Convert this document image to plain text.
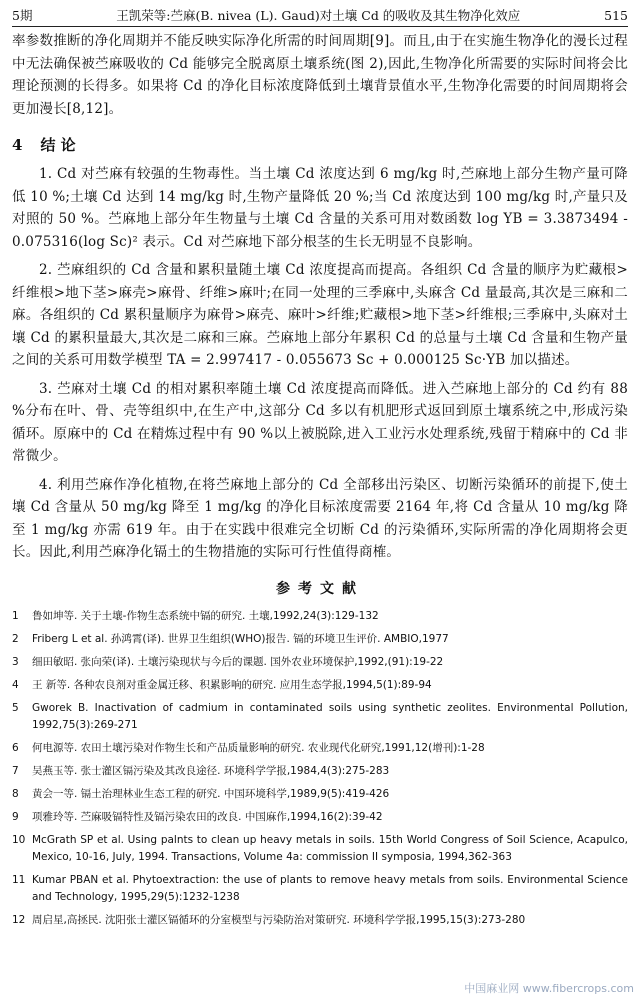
5期	王凯荣等:苎麻(B. nivea (L). Gaud)对土壤 Cd 的吸收及其生物净化效应	515

率参数推断的净化周期并不能反映实际净化所需的时间周期[9]。而且,由于在实施生物净化的漫长过程中无法确保被苎麻吸收的 Cd 能够完全脱离原土壤系统(图 2),因此,生物净化所需要的实际时间将会比理论预测的长得多。如果将 Cd 的净化目标浓度降低到土壤背景值水平,生物净化需要的时间周期将会更加漫长[8,12]。

4 结 论

1. Cd 对苎麻有较强的生物毒性。当土壤 Cd 浓度达到 6 mg/kg 时,苎麻地上部分生物产量可降低 10 %;土壤 Cd 达到 14 mg/kg 时,生物产量降低 20 %;当 Cd 浓度达到 100 mg/kg 时,产量只及对照的 50 %。苎麻地上部分年生物量与土壤 Cd 含量的关系可用对数函数 log YB = 3.3873494 - 0.075316(log Sc)² 表示。Cd 对苎麻地下部分根茎的生长无明显不良影响。

2. 苎麻组织的 Cd 含量和累积量随土壤 Cd 浓度提高而提高。各组织 Cd 含量的顺序为贮藏根>纤维根>地下茎>麻壳>麻骨、纤维>麻叶;在同一处理的三季麻中,头麻含 Cd 量最高,其次是三麻和二麻。各组织的 Cd 累积量顺序为麻骨>麻壳、麻叶>纤维;贮藏根>地下茎>纤维根;三季麻中,头麻对土壤 Cd 的累积量最大,其次是二麻和三麻。苎麻地上部分年累积 Cd 的总量与土壤 Cd 含量和生物产量之间的关系可用数学模型 TA = 2.997417 - 0.055673 Sc + 0.000125 Sc·YB 加以描述。

3. 苎麻对土壤 Cd 的相对累积率随土壤 Cd 浓度提高而降低。进入苎麻地上部分的 Cd 约有 88 %分布在叶、骨、壳等组织中,在生产中,这部分 Cd 多以有机肥形式返回到原土壤系统之中,形成污染循环。原麻中的 Cd 在精炼过程中有 90 %以上被脱除,进入工业污水处理系统,残留于精麻中的 Cd 非常微少。

4. 利用苎麻作净化植物,在将苎麻地上部分的 Cd 全部移出污染区、切断污染循环的前提下,使土壤 Cd 含量从 50 mg/kg 降至 1 mg/kg 的净化目标浓度需要 2164 年,将 Cd 含量从 10 mg/kg 降至 1 mg/kg 亦需 619 年。由于在实践中很难完全切断 Cd 的污染循环,实际所需的净化周期将会更长。因此,利用苎麻净化镉土的生物措施的实际可行性值得商榷。

参考文献
1	鲁如坤等. 关于土壤-作物生态系统中镉的研究. 土壤,1992,24(3):129-132
2	Friberg L et al. 孙鸿霄(译). 世界卫生组织(WHO)报告. 镉的环境卫生评价. AMBIO,1977
3	细田敏昭. 张向荣(译). 土壤污染现状与今后的课题. 国外农业环境保护,1992,(91):19-22
4	王 新等. 各种农良剂对重金属迁移、积累影响的研究. 应用生态学报,1994,5(1):89-94
5	Gworek B. Inactivation of cadmium in contaminated soils using synthetic zeolites. Environmental Pollution, 1992,75(3):269-271
6	何电源等. 农田土壤污染对作物生长和产品质量影响的研究. 农业现代化研究,1991,12(增刊):1-28
7	吴燕玉等. 张士灌区镉污染及其改良途径. 环境科学学报,1984,4(3):275-283
8	黄会一等. 镉土治理林业生态工程的研究. 中国环境科学,1989,9(5):419-426
9	项雅玲等. 苎麻吸镉特性及镉污染农田的改良. 中国麻作,1994,16(2):39-42
10 McGrath SP et al. Using palnts to clean up heavy metals in soils. 15th World Congress of Soil Science, Acapulco, Mexico, 10-16, July, 1994. Transactions, Volume 4a: commission II symposia, 1994,362-363
11 Kumar PBAN et al. Phytoextraction: the use of plants to remove heavy metals from soils. Environmental Science and Technology, 1995,29(5):1232-1238
12 周启星,高拯民. 沈阳张士灌区镉循环的分室模型与污染防治对策研究. 环境科学学报,1995,15(3):273-280
中国麻业网 www.fibercrops.com
